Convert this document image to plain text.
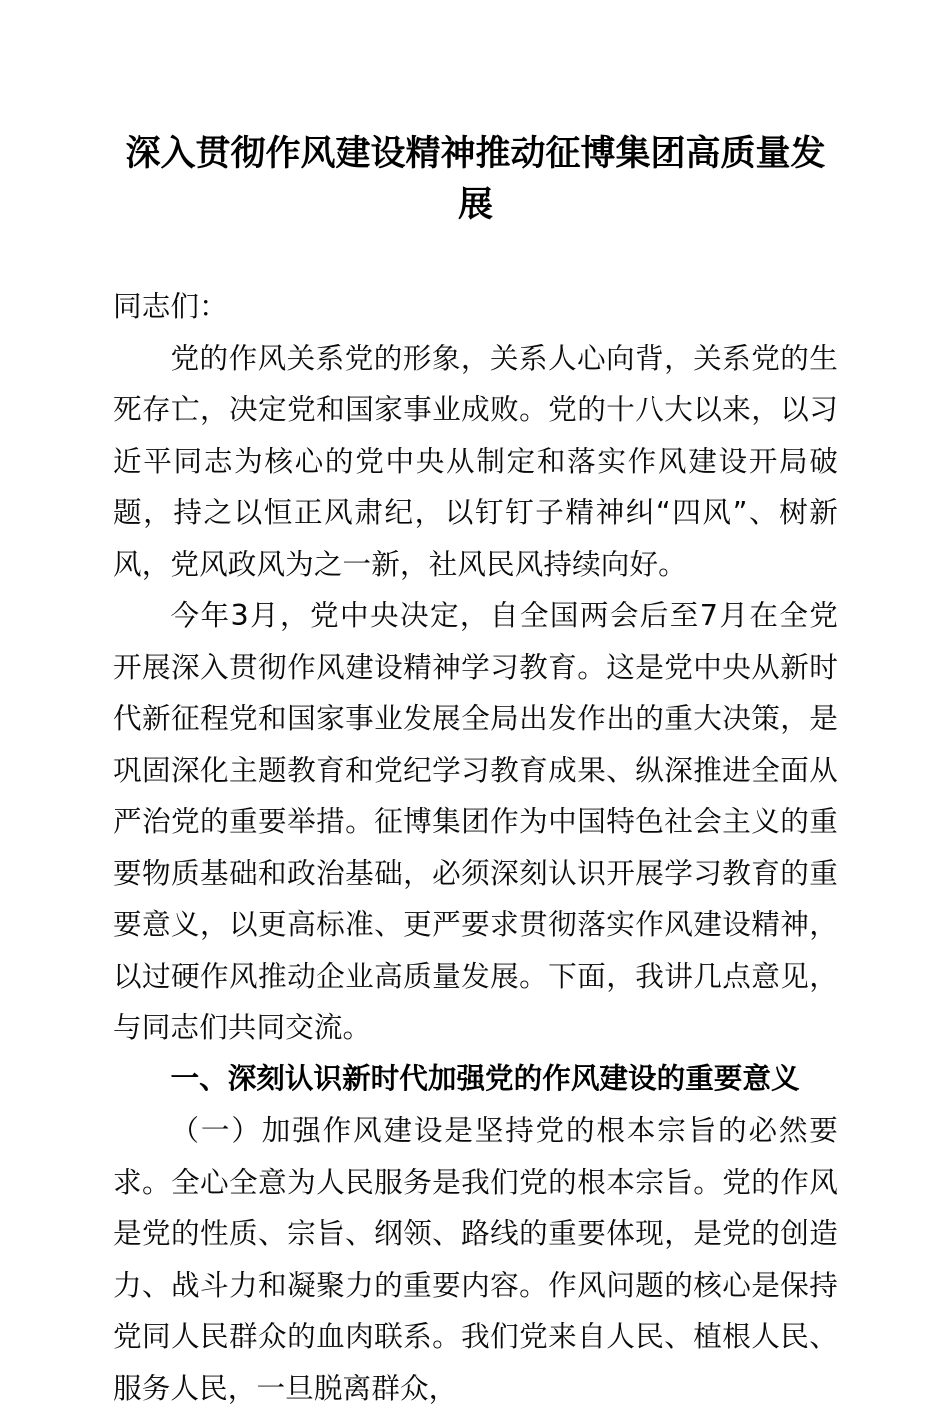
深入贯彻作风建设精神推动征博集团高质量发展

同志们：

党的作风关系党的形象，关系人心向背，关系党的生死存亡，决定党和国家事业成败。党的十八大以来，以习近平同志为核心的党中央从制定和落实作风建设开局破题，持之以恒正风肃纪，以钉钉子精神纠“四风”、树新风，党风政风为之一新，社风民风持续向好。

今年3月，党中央决定，自全国两会后至7月在全党开展深入贯彻作风建设精神学习教育。这是党中央从新时代新征程党和国家事业发展全局出发作出的重大决策，是巩固深化主题教育和党纪学习教育成果、纵深推进全面从严治党的重要举措。征博集团作为中国特色社会主义的重要物质基础和政治基础，必须深刻认识开展学习教育的重要意义，以更高标准、更严要求贯彻落实作风建设精神，以过硬作风推动企业高质量发展。下面，我讲几点意见，与同志们共同交流。

一、深刻认识新时代加强党的作风建设的重要意义

（一）加强作风建设是坚持党的根本宗旨的必然要求。全心全意为人民服务是我们党的根本宗旨。党的作风是党的性质、宗旨、纲领、路线的重要体现，是党的创造力、战斗力和凝聚力的重要内容。作风问题的核心是保持党同人民群众的血肉联系。我们党来自人民、植根人民、服务人民，一旦脱离群众，
